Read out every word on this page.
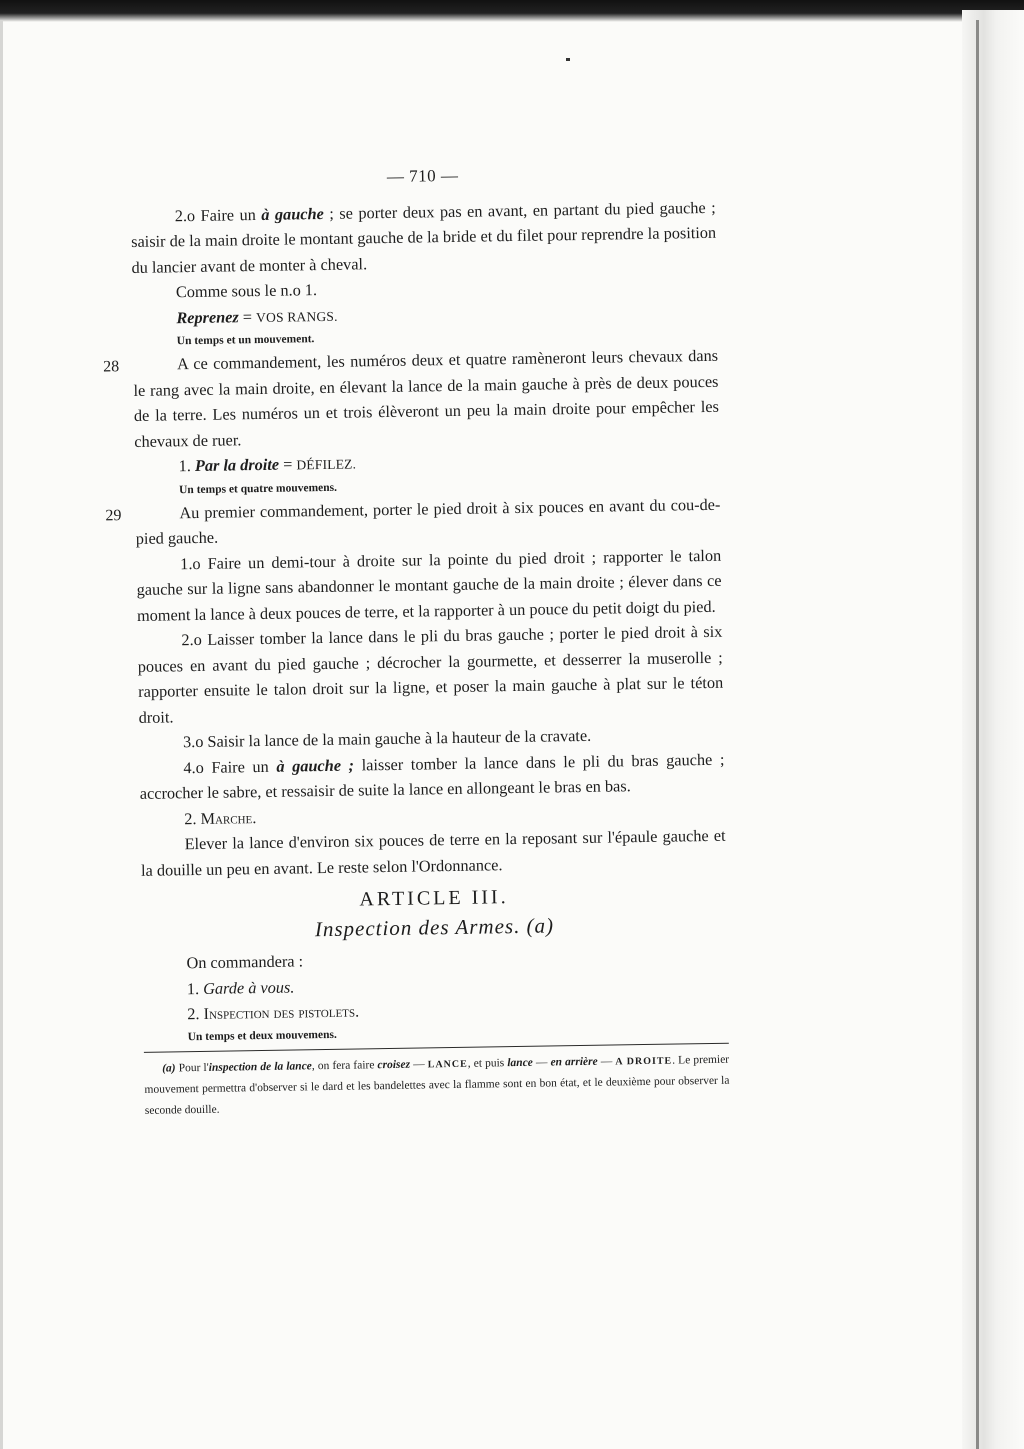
— 710 —

2.o Faire un à gauche ; se porter deux pas en avant, en partant du pied gauche ; saisir de la main droite le montant gauche de la bride et du filet pour reprendre la position du lancier avant de monter à cheval.

Comme sous le n.o 1.

Reprenez = VOS RANGS.

Un temps et un mouvement.

28	A ce commandement, les numéros deux et quatre ramèneront leurs chevaux dans le rang avec la main droite, en élevant la lance de la main gauche à près de deux pouces de la terre. Les numéros un et trois élèveront un peu la main droite pour empêcher les chevaux de ruer.

1. Par la droite = DÉFILEZ.

Un temps et quatre mouvemens.

29	Au premier commandement, porter le pied droit à six pouces en avant du cou-de-pied gauche.

1.o Faire un demi-tour à droite sur la pointe du pied droit ; rapporter le talon gauche sur la ligne sans abandonner le montant gauche de la main droite ; élever dans ce moment la lance à deux pouces de terre, et la rapporter à un pouce du petit doigt du pied.

2.o Laisser tomber la lance dans le pli du bras gauche ; porter le pied droit à six pouces en avant du pied gauche ; décrocher la gourmette, et desserrer la muserolle ; rapporter ensuite le talon droit sur la ligne, et poser la main gauche à plat sur le téton droit.

3.o Saisir la lance de la main gauche à la hauteur de la cravate.

4.o Faire un à gauche ; laisser tomber la lance dans le pli du bras gauche ; accrocher le sabre, et ressaisir de suite la lance en allongeant le bras en bas.

2. Marche.

Elever la lance d'environ six pouces de terre en la reposant sur l'épaule gauche et la douille un peu en avant. Le reste selon l'Ordonnance.

ARTICLE III.
Inspection des Armes. (a)

On commandera :

1. Garde à vous.

2. Inspection des pistolets.

Un temps et deux mouvemens.

(a) Pour l'inspection de la lance, on fera faire croisez — LANCE, et puis lance — en arrière — A DROITE. Le premier mouvement permettra d'observer si le dard et les bandelettes avec la flamme sont en bon état, et le deuxième pour observer la seconde douille.
